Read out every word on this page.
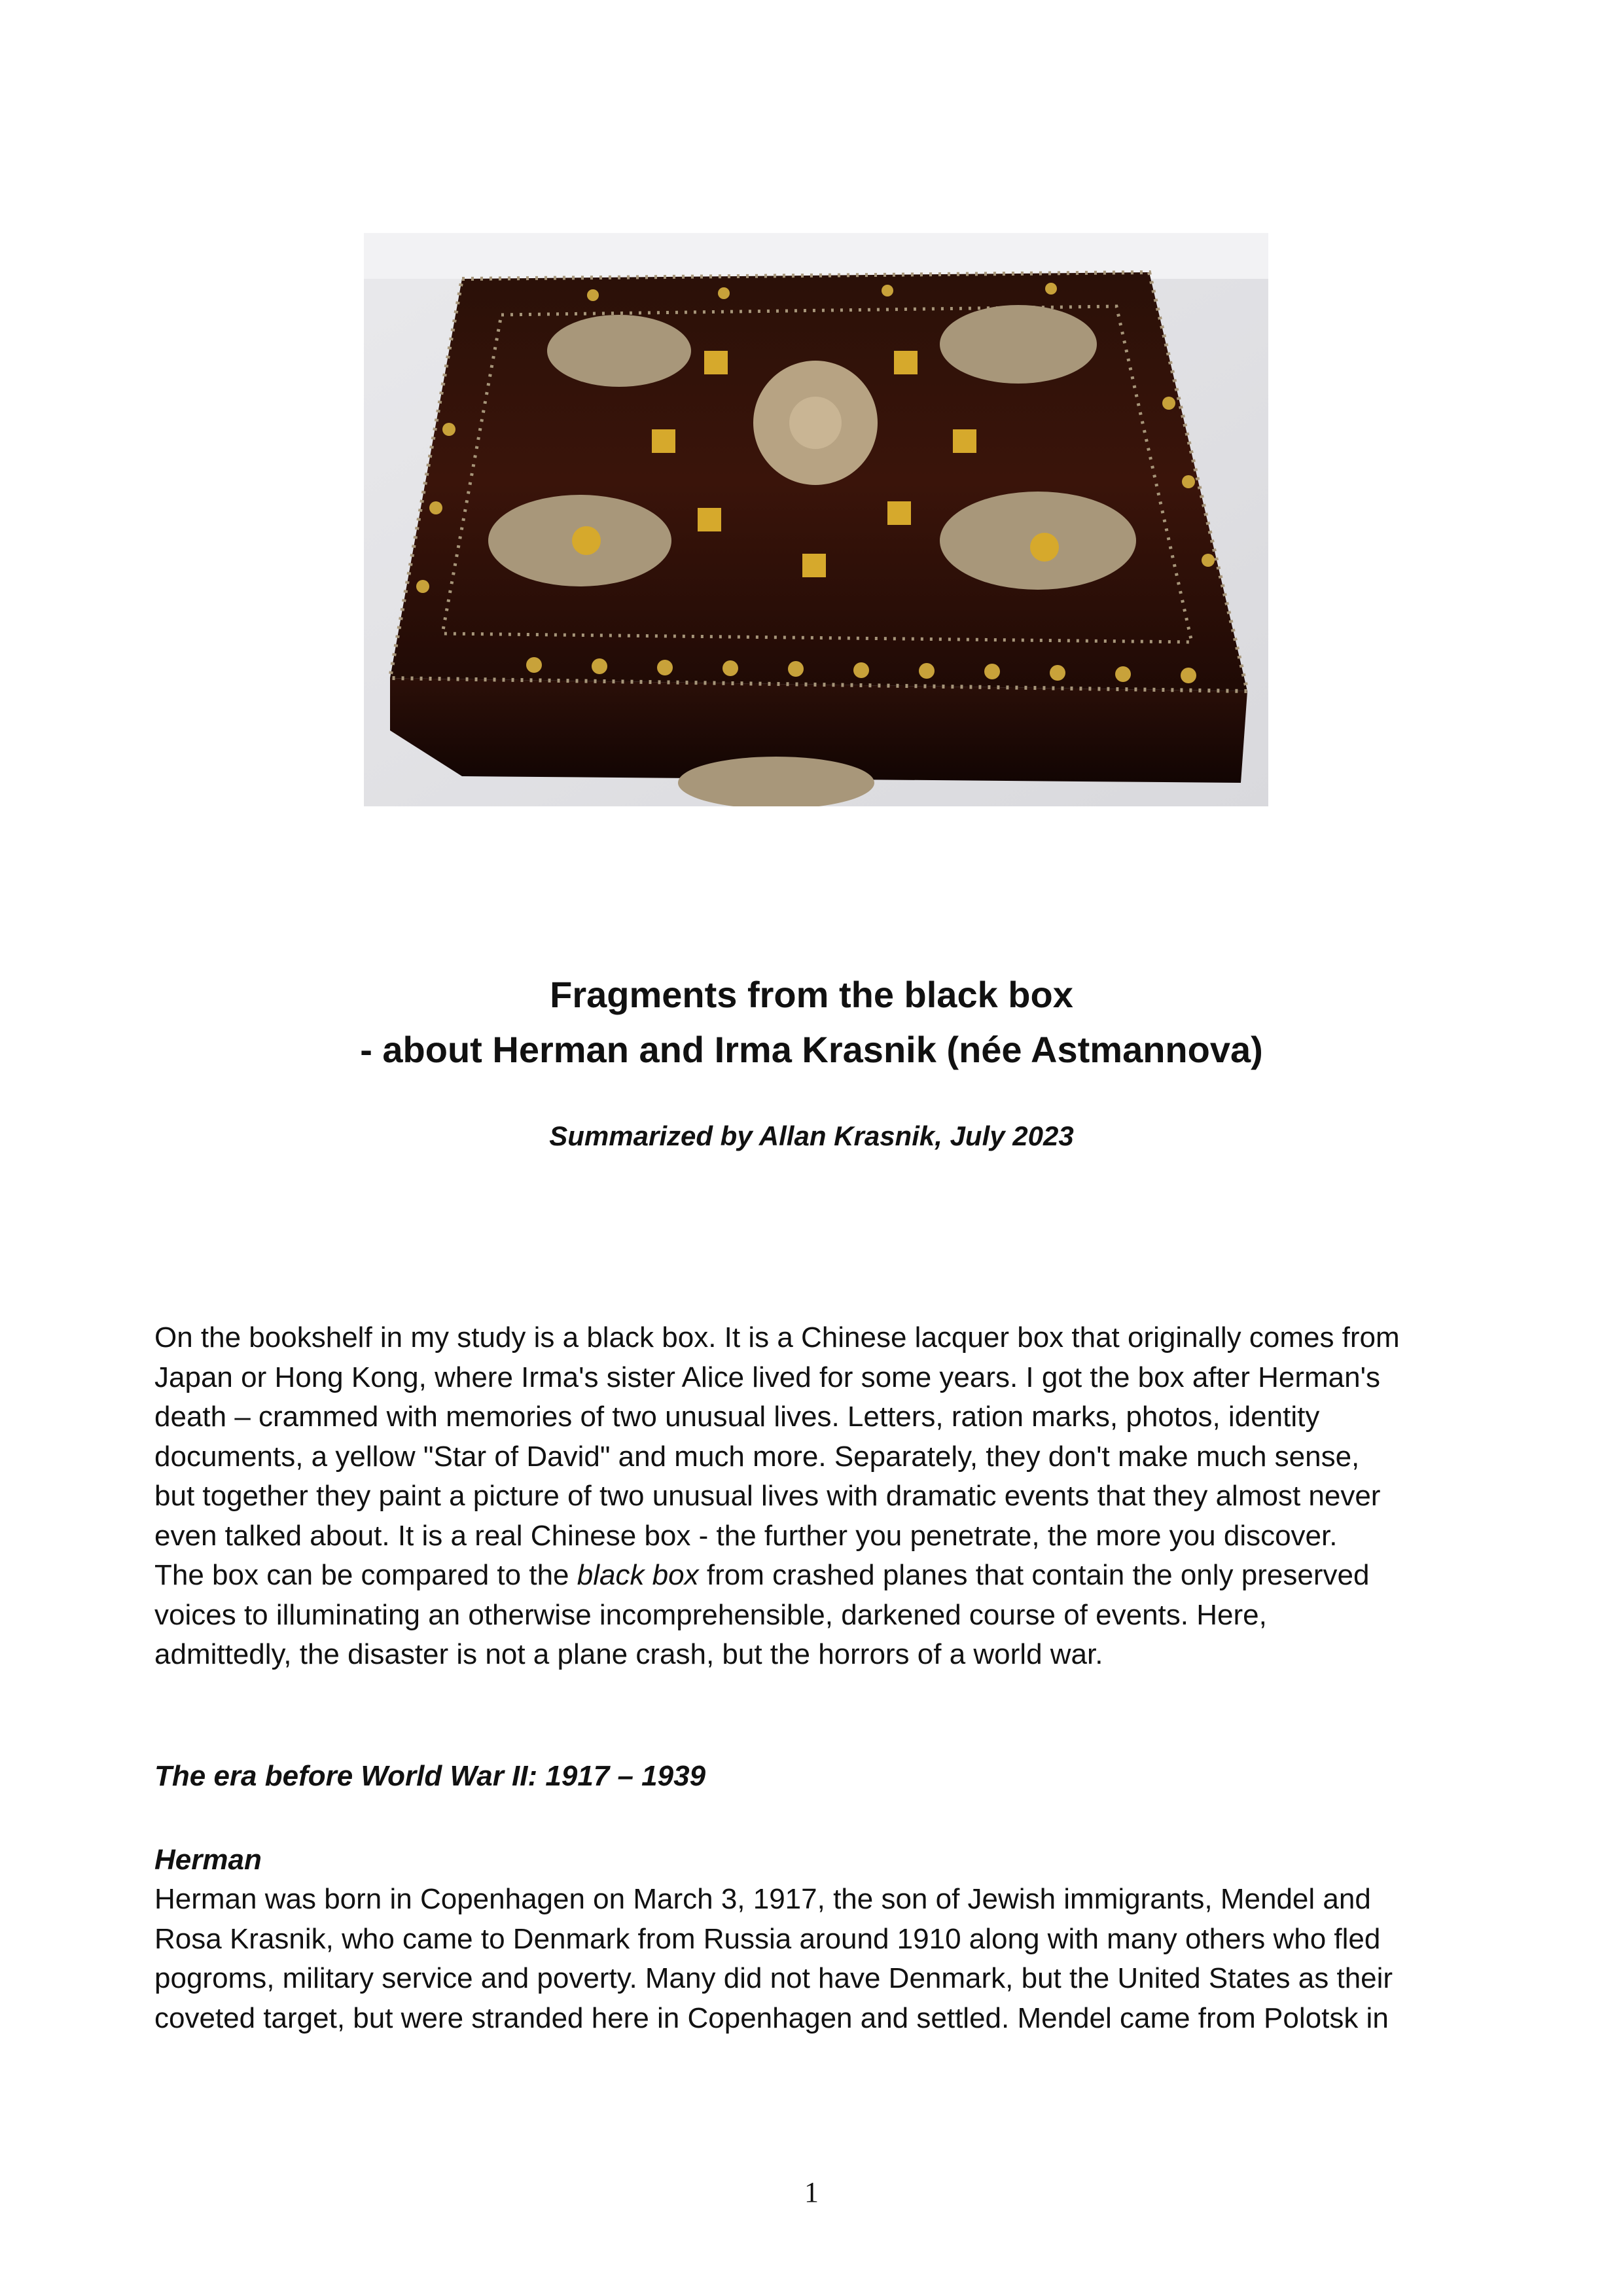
Fragments from the black box
- about Herman and Irma Krasnik (née Astmannova)
Summarized by Allan Krasnik, July 2023
On the bookshelf in my study is a black box. It is a Chinese lacquer box that originally comes from
Japan or Hong Kong, where Irma's sister Alice lived for some years. I got the box after Herman's
death – crammed with memories of two unusual lives. Letters, ration marks, photos, identity
documents, a yellow "Star of David" and much more. Separately, they don't make much sense,
but together they paint a picture of two unusual lives with dramatic events that they almost never
even talked about. It is a real Chinese box - the further you penetrate, the more you discover.
The box can be compared to the black box from crashed planes that contain the only preserved
voices to illuminating an otherwise incomprehensible, darkened course of events. Here,
admittedly, the disaster is not a plane crash, but the horrors of a world war.
The era before World War II: 1917 – 1939
Herman
Herman was born in Copenhagen on March 3, 1917, the son of Jewish immigrants, Mendel and
Rosa Krasnik, who came to Denmark from Russia around 1910 along with many others who fled
pogroms, military service and poverty. Many did not have Denmark, but the United States as their
coveted target, but were stranded here in Copenhagen and settled. Mendel came from Polotsk in
1
